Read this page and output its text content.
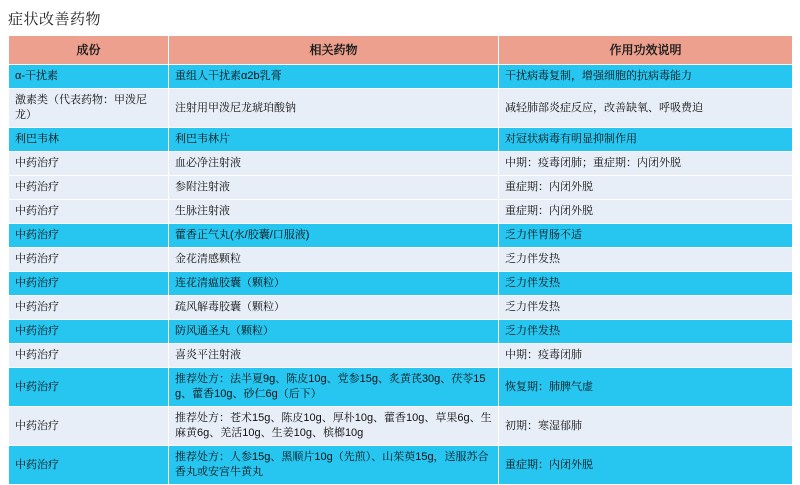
症状改善药物
成份	相关药物	作用功效说明
α-干扰素	重组人干扰素α2b乳膏	干扰病毒复制，增强细胞的抗病毒能力
激素类（代表药物：甲泼尼龙）	注射用甲泼尼龙琥珀酸钠	减轻肺部炎症反应，改善缺氧、呼吸费迫
利巴韦林	利巴韦林片	对冠状病毒有明显抑制作用
中药治疗	血必净注射液	中期：疫毒闭肺；重症期：内闭外脱
中药治疗	参附注射液	重症期：内闭外脱
中药治疗	生脉注射液	重症期：内闭外脱
中药治疗	藿香正气丸(水/胶囊/口服液)	乏力伴胃肠不适
中药治疗	金花清感颗粒	乏力伴发热
中药治疗	连花清瘟胶囊（颗粒）	乏力伴发热
中药治疗	疏风解毒胶囊（颗粒）	乏力伴发热
中药治疗	防风通圣丸（颗粒）	乏力伴发热
中药治疗	喜炎平注射液	中期：疫毒闭肺
中药治疗	推荐处方：法半夏9g、陈皮10g、党参15g、炙黄芪30g、茯苓15g、藿香10g、砂仁6g（后下）	恢复期：肺脾气虚
中药治疗	推荐处方：苍术15g、陈皮10g、厚朴10g、藿香10g、草果6g、生麻黄6g、羌活10g、生姜10g、槟榔10g	初期：寒湿郁肺
中药治疗	推荐处方：人参15g、黑顺片10g（先煎）、山茱萸15g，送服苏合香丸或安宫牛黄丸	重症期：内闭外脱
